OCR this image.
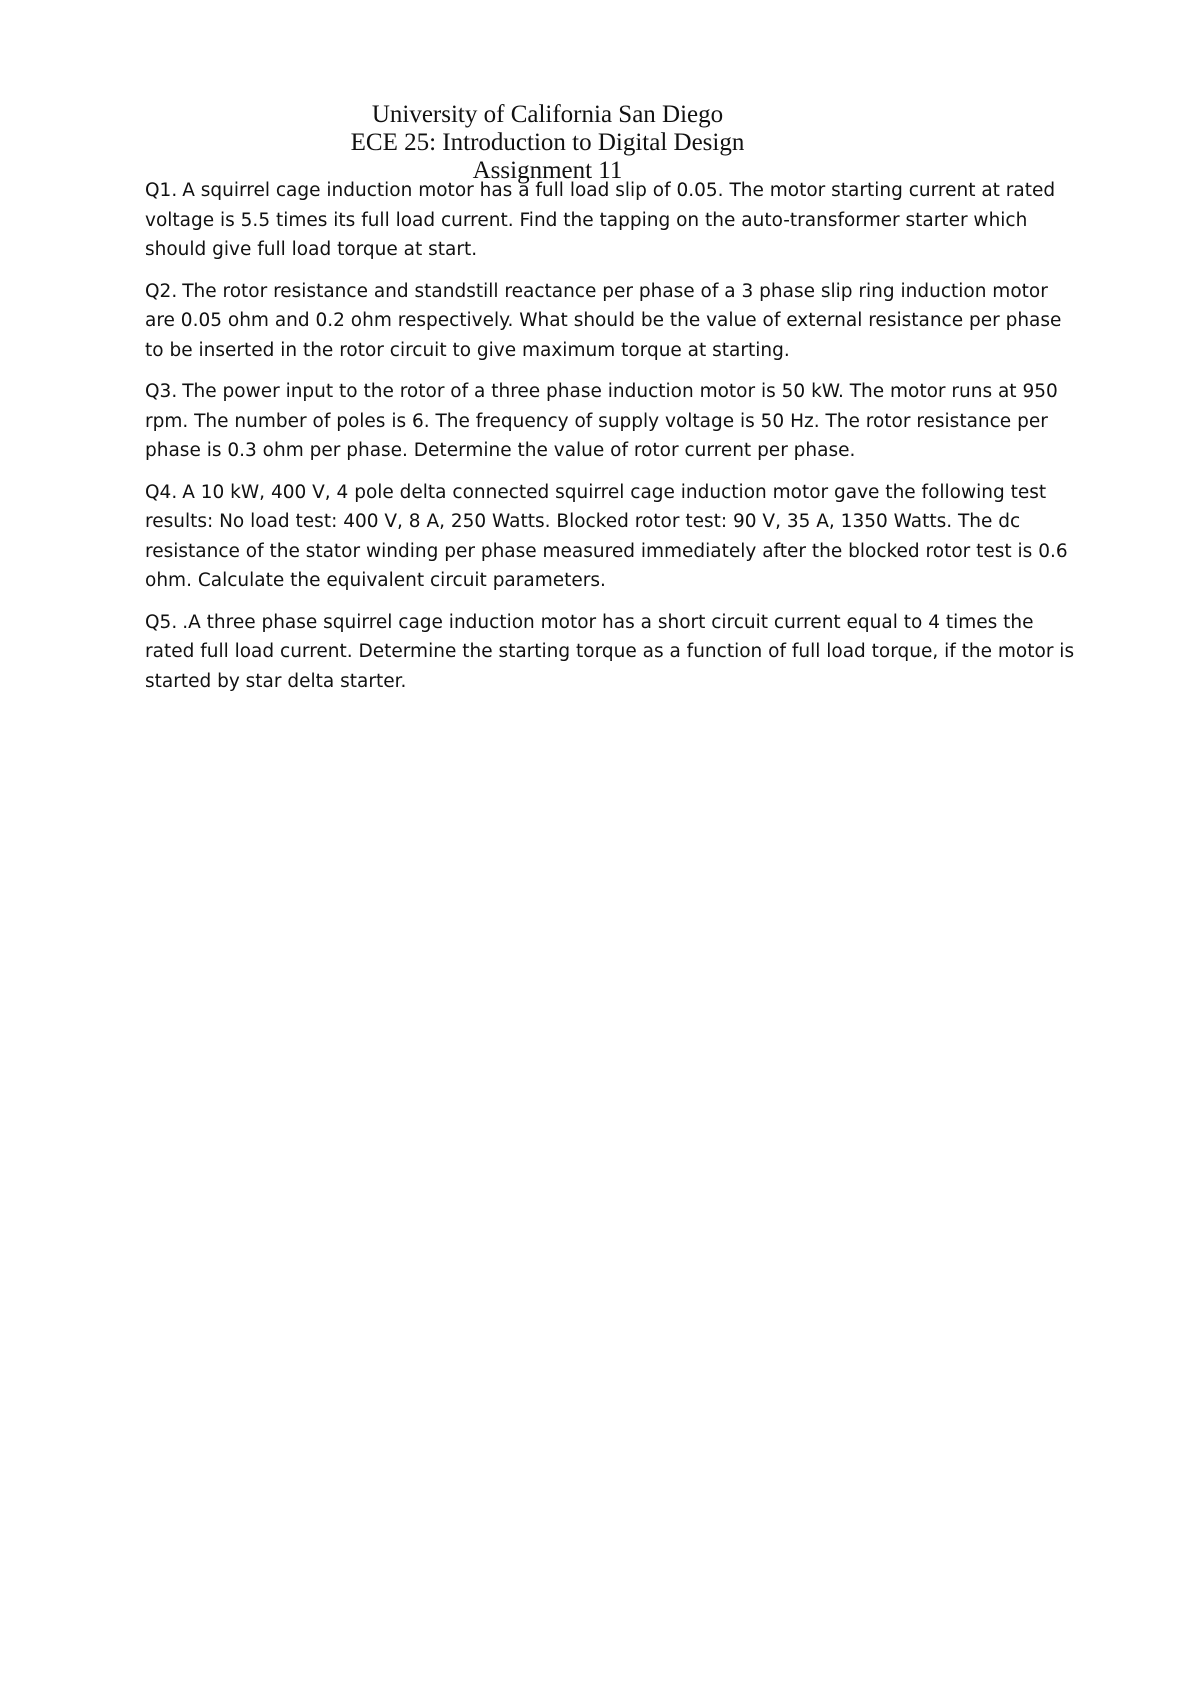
University of California San Diego
ECE 25: Introduction to Digital Design
Assignment 11

Q1. A squirrel cage induction motor has a full load slip of 0.05. The motor starting current at rated voltage is 5.5 times its full load current. Find the tapping on the auto-transformer starter which should give full load torque at start.

Q2. The rotor resistance and standstill reactance per phase of a 3 phase slip ring induction motor are 0.05 ohm and 0.2 ohm respectively. What should be the value of external resistance per phase to be inserted in the rotor circuit to give maximum torque at starting.

Q3. The power input to the rotor of a three phase induction motor is 50 kW. The motor runs at 950 rpm. The number of poles is 6. The frequency of supply voltage is 50 Hz. The rotor resistance per phase is 0.3 ohm per phase. Determine the value of rotor current per phase.

Q4. A 10 kW, 400 V, 4 pole delta connected squirrel cage induction motor gave the following test results: No load test: 400 V, 8 A, 250 Watts. Blocked rotor test: 90 V, 35 A, 1350 Watts. The dc resistance of the stator winding per phase measured immediately after the blocked rotor test is 0.6 ohm. Calculate the equivalent circuit parameters.

Q5. .A three phase squirrel cage induction motor has a short circuit current equal to 4 times the rated full load current. Determine the starting torque as a function of full load torque, if the motor is started by star delta starter.
